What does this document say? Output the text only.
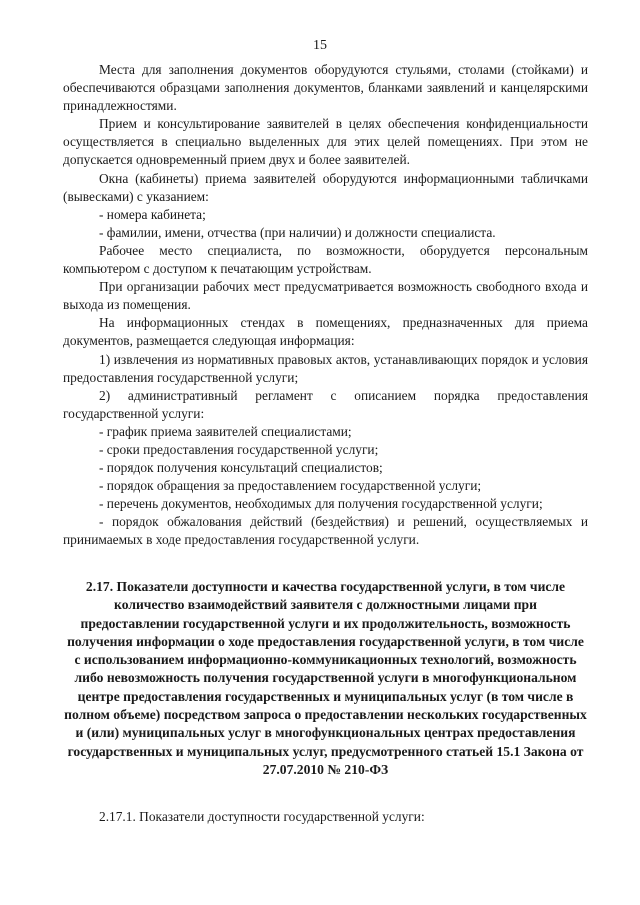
15

Места для заполнения документов оборудуются стульями, столами (стойками) и обеспечиваются образцами заполнения документов, бланками заявлений и канцелярскими принадлежностями.

Прием и консультирование заявителей в целях обеспечения конфиденциальности осуществляется в специально выделенных для этих целей помещениях. При этом не допускается одновременный прием двух и более заявителей.

Окна (кабинеты) приема заявителей оборудуются информационными табличками (вывесками) с указанием:

- номера кабинета;

- фамилии, имени, отчества (при наличии) и должности специалиста.

Рабочее место специалиста, по возможности, оборудуется персональным компьютером с доступом к печатающим устройствам.

При организации рабочих мест предусматривается возможность свободного входа и выхода из помещения.

На информационных стендах в помещениях, предназначенных для приема документов, размещается следующая информация:

1) извлечения из нормативных правовых актов, устанавливающих порядок и условия предоставления государственной услуги;

2) административный регламент с описанием порядка предоставления государственной услуги:

- график приема заявителей специалистами;

- сроки предоставления государственной услуги;

- порядок получения консультаций специалистов;

- порядок обращения за предоставлением государственной услуги;

- перечень документов, необходимых для получения государственной услуги;

- порядок обжалования действий (бездействия) и решений, осуществляемых и принимаемых в ходе предоставления государственной услуги.

2.17. Показатели доступности и качества государственной услуги, в том числе количество взаимодействий заявителя с должностными лицами при предоставлении государственной услуги и их продолжительность, возможность получения информации о ходе предоставления государственной услуги, в том числе с использованием информационно-коммуникационных технологий, возможность либо невозможность получения государственной услуги в многофункциональном центре предоставления государственных и муниципальных услуг (в том числе в полном объеме) посредством запроса о предоставлении нескольких государственных и (или) муниципальных услуг в многофункциональных центрах предоставления государственных и муниципальных услуг, предусмотренного статьей 15.1 Закона от 27.07.2010 № 210-ФЗ
2.17.1. Показатели доступности государственной услуги:
